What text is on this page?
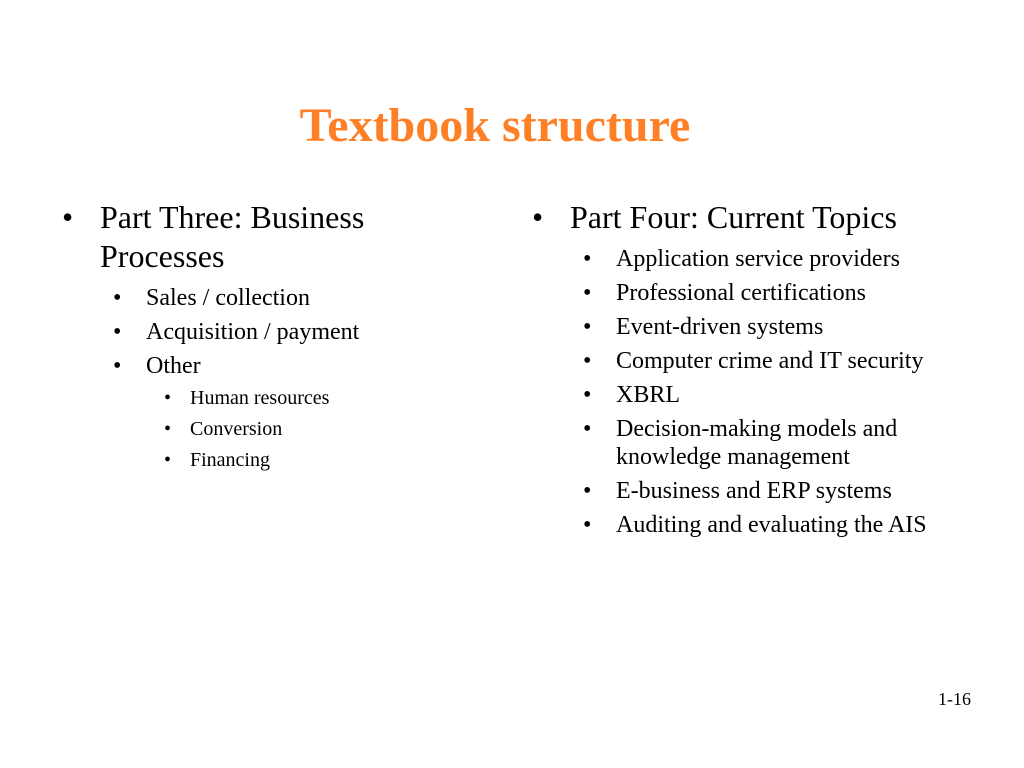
Textbook structure
• Part Three: Business Processes
• Sales / collection
• Acquisition / payment
• Other
• Human resources
• Conversion
• Financing
• Part Four: Current Topics
• Application service providers
• Professional certifications
• Event-driven systems
• Computer crime and IT security
• XBRL
• Decision-making models and knowledge management
• E-business and ERP systems
• Auditing and evaluating the AIS
1-16
